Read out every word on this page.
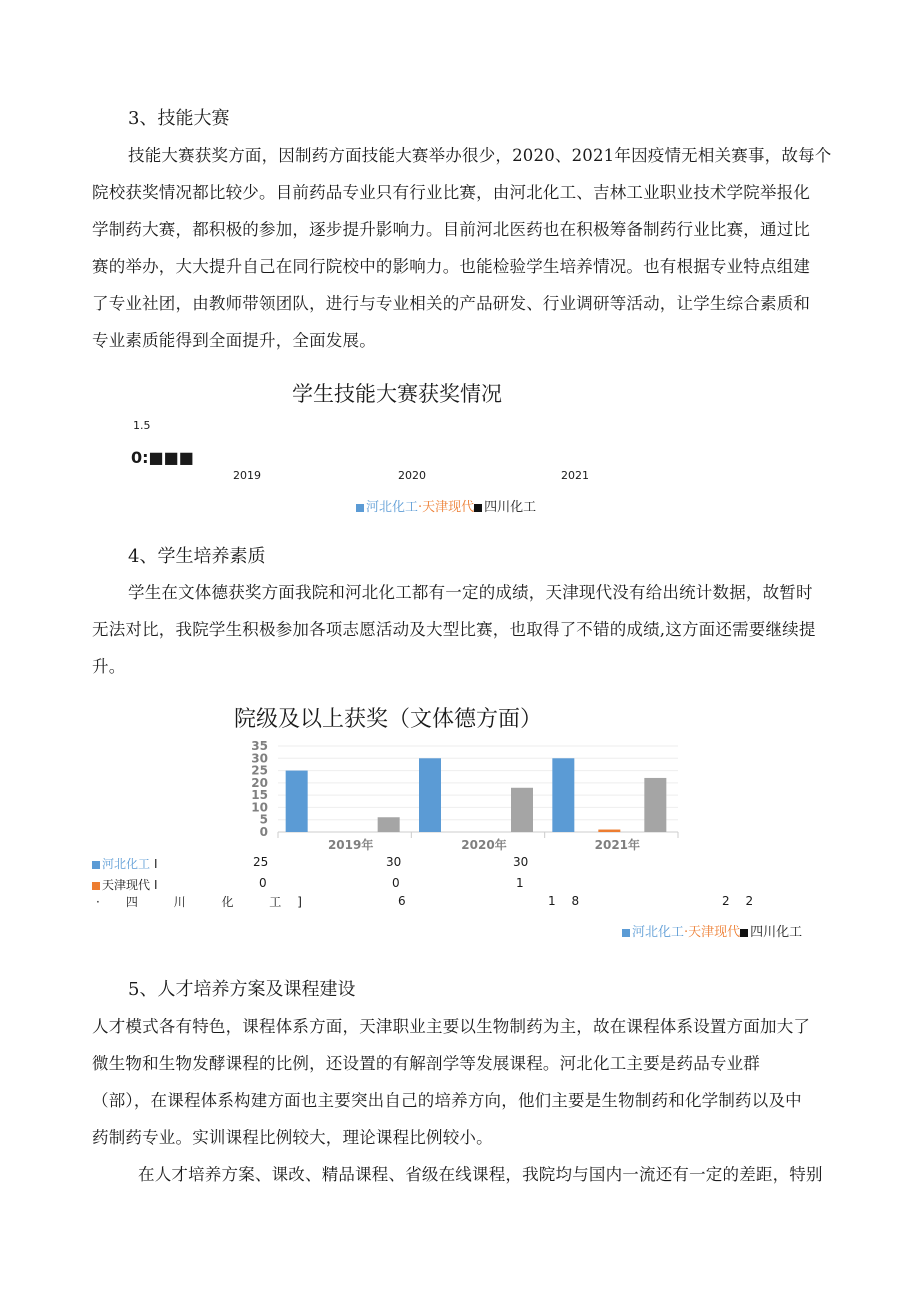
3、技能大赛
技能大赛获奖方面，因制药方面技能大赛举办很少，2020、2021年因疫情无相关赛事，故每个
院校获奖情况都比较少。目前药品专业只有行业比赛，由河北化工、吉林工业职业技术学院举报化
学制药大赛，都积极的参加，逐步提升影响力。目前河北医药也在积极筹备制药行业比赛，通过比
赛的举办，大大提升自己在同行院校中的影响力。也能检验学生培养情况。也有根据专业特点组建
了专业社团，由教师带领团队，进行与专业相关的产品研发、行业调研等活动，让学生综合素质和
专业素质能得到全面提升，全面发展。
学生技能大赛获奖情况
1.5
0:■■■
2019	2020	2021
河北化工·天津现代 四川化工
4、学生培养素质
学生在文体德获奖方面我院和河北化工都有一定的成绩，天津现代没有给出统计数据，故暂时
无法对比，我院学生积极参加各项志愿活动及大型比赛，也取得了不错的成绩,这方面还需要继续提
升。
院级及以上获奖（文体德方面）
0
5
10
15
20
25
30
35
2019年	2020年	2021年
河北化工 I	25	30	30
天津现代 I	0	0	1
· 四 川 化 工 ]	6	1 8	2 2
河北化工·天津现代 四川化工
5、人才培养方案及课程建设
人才模式各有特色，课程体系方面，天津职业主要以生物制药为主，故在课程体系设置方面加大了
微生物和生物发酵课程的比例，还设置的有解剖学等发展课程。河北化工主要是药品专业群
（部），在课程体系构建方面也主要突出自己的培养方向，他们主要是生物制药和化学制药以及中
药制药专业。实训课程比例较大，理论课程比例较小。
在人才培养方案、课改、精品课程、省级在线课程，我院均与国内一流还有一定的差距，特别
